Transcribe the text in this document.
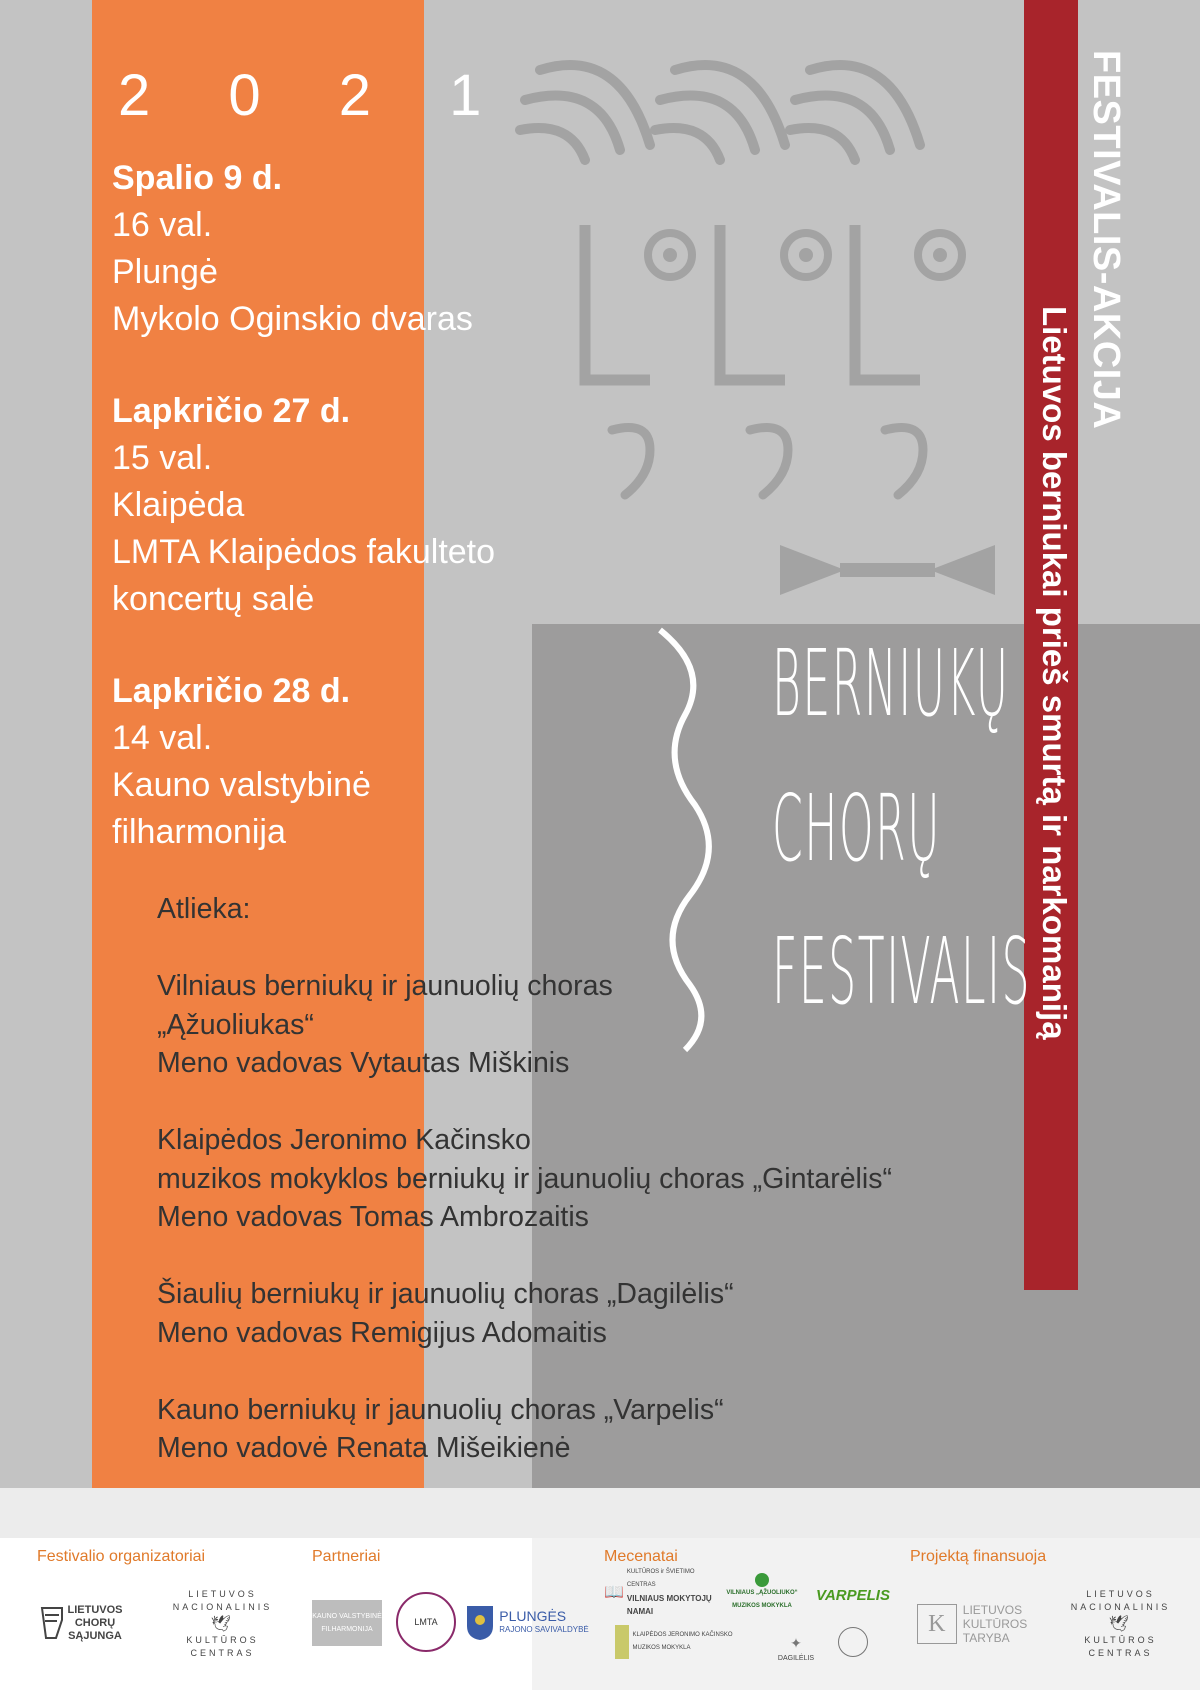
2 0 2 1
Spalio 9 d.
16 val.
Plungė
Mykolo Oginskio dvaras
Lapkričio 27 d.
15 val.
Klaipėda
LMTA Klaipėdos fakulteto
koncertų salė
Lapkričio 28 d.
14 val.
Kauno valstybinė
filharmonija
BERNIUKŲ
CHORŲ
FESTIVALIS
FESTIVALIS-AKCIJA
Lietuvos berniukai prieš smurtą ir narkomaniją

Atlieka:

Vilniaus berniukų ir jaunuolių choras
„Ąžuoliukas“
Meno vadovas Vytautas Miškinis

Klaipėdos Jeronimo Kačinsko
muzikos mokyklos berniukų ir jaunuolių choras „Gintarėlis“
Meno vadovas Tomas Ambrozaitis

Šiaulių berniukų ir jaunuolių choras „Dagilėlis“
Meno vadovas Remigijus Adomaitis

Kauno berniukų ir jaunuolių choras „Varpelis“
Meno vadovė Renata Mišeikienė

Festivalio organizatoriai	Partneriai	Mecenatai	Projektą finansuoja
LIETUVOS
CHORŲ
SĄJUNGA
LIETUVOS
NACIONALINIS
🕊
KULTŪROS
CENTRAS
KAUNO VALSTYBINĖ FILHARMONIJA
LMTA	PLUNGĖS
RAJONO SAVIVALDYBĖ
📖
KULTŪROS ir ŠVIETIMO CENTRAS
VILNIAUS MOKYTOJŲ NAMAI
VILNIAUS „ĄŽUOLIUKO“
MUZIKOS MOKYKLA
VARPELIS
KLAIPĖDOS JERONIMO KAČINSKO
MUZIKOS MOKYKLA	✦
DAGILĖLIS
K
LIETUVOS
KULTŪROS
TARYBA
LIETUVOS
NACIONALINIS
🕊
KULTŪROS
CENTRAS
